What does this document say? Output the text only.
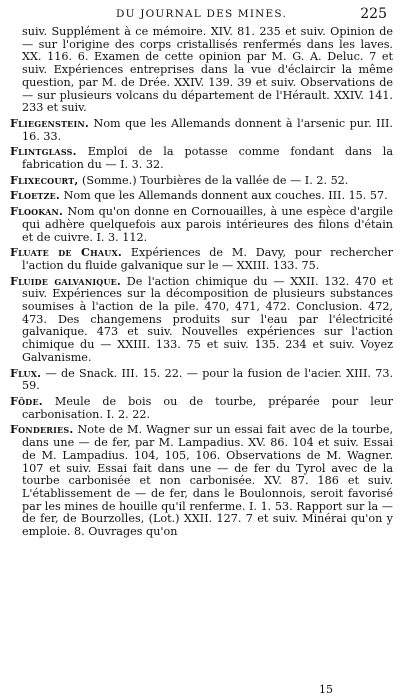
DU JOURNAL DES MINES.	225

suiv. Supplément à ce mémoire. XIV. 81. 235 et suiv. Opinion de — sur l'origine des corps cristallisés renfermés dans les laves. XX. 116. 6. Examen de cette opinion par M. G. A. Deluc. 7 et suiv. Expériences entreprises dans la vue d'éclaircir la même question, par M. de Drée. XXIV. 139. 39 et suiv. Observations de — sur plusieurs volcans du département de l'Hérault. XXIV. 141. 233 et suiv.

Fliegenstein. Nom que les Allemands donnent à l'arsenic pur. III. 16. 33.

Flintglass. Emploi de la potasse comme fondant dans la fabrication du — I. 3. 32.

Flixecourt, (Somme.) Tourbières de la vallée de — I. 2. 52.

Floetze. Nom que les Allemands donnent aux couches. III. 15. 57.

Flookan. Nom qu'on donne en Cornouailles, à une espèce d'argile qui adhère quelquefois aux parois intérieures des filons d'étain et de cuivre. I. 3. 112.

Fluate de Chaux. Expériences de M. Davy, pour rechercher l'action du fluide galvanique sur le — XXIII. 133. 75.

Fluide galvanique. De l'action chimique du — XXII. 132. 470 et suiv. Expériences sur la décomposition de plusieurs substances soumises à l'action de la pile. 470, 471, 472. Conclusion. 472, 473. Des changemens produits sur l'eau par l'électricité galvanique. 473 et suiv. Nouvelles expériences sur l'action chimique du — XXIII. 133. 75 et suiv. 135. 234 et suiv. Voyez Galvanisme.

Flux. — de Snack. III. 15. 22. — pour la fusion de l'acier. XIII. 73. 59.

Fôde. Meule de bois ou de tourbe, préparée pour leur carbonisation. I. 2. 22.

Fonderies. Note de M. Wagner sur un essai fait avec de la tourbe, dans une — de fer, par M. Lampadius. XV. 86. 104 et suiv. Essai de M. Lampadius. 104, 105, 106. Observations de M. Wagner. 107 et suiv. Essai fait dans une — de fer du Tyrol avec de la tourbe carbonisée et non carbonisée. XV. 87. 186 et suiv. L'établissement de — de fer, dans le Boulonnois, seroit favorisé par les mines de houille qu'il renferme. I. 1. 53. Rapport sur la — de fer, de Bourzolles, (Lot.) XXII. 127. 7 et suiv. Minérai qu'on y emploie. 8. Ouvrages qu'on

15
